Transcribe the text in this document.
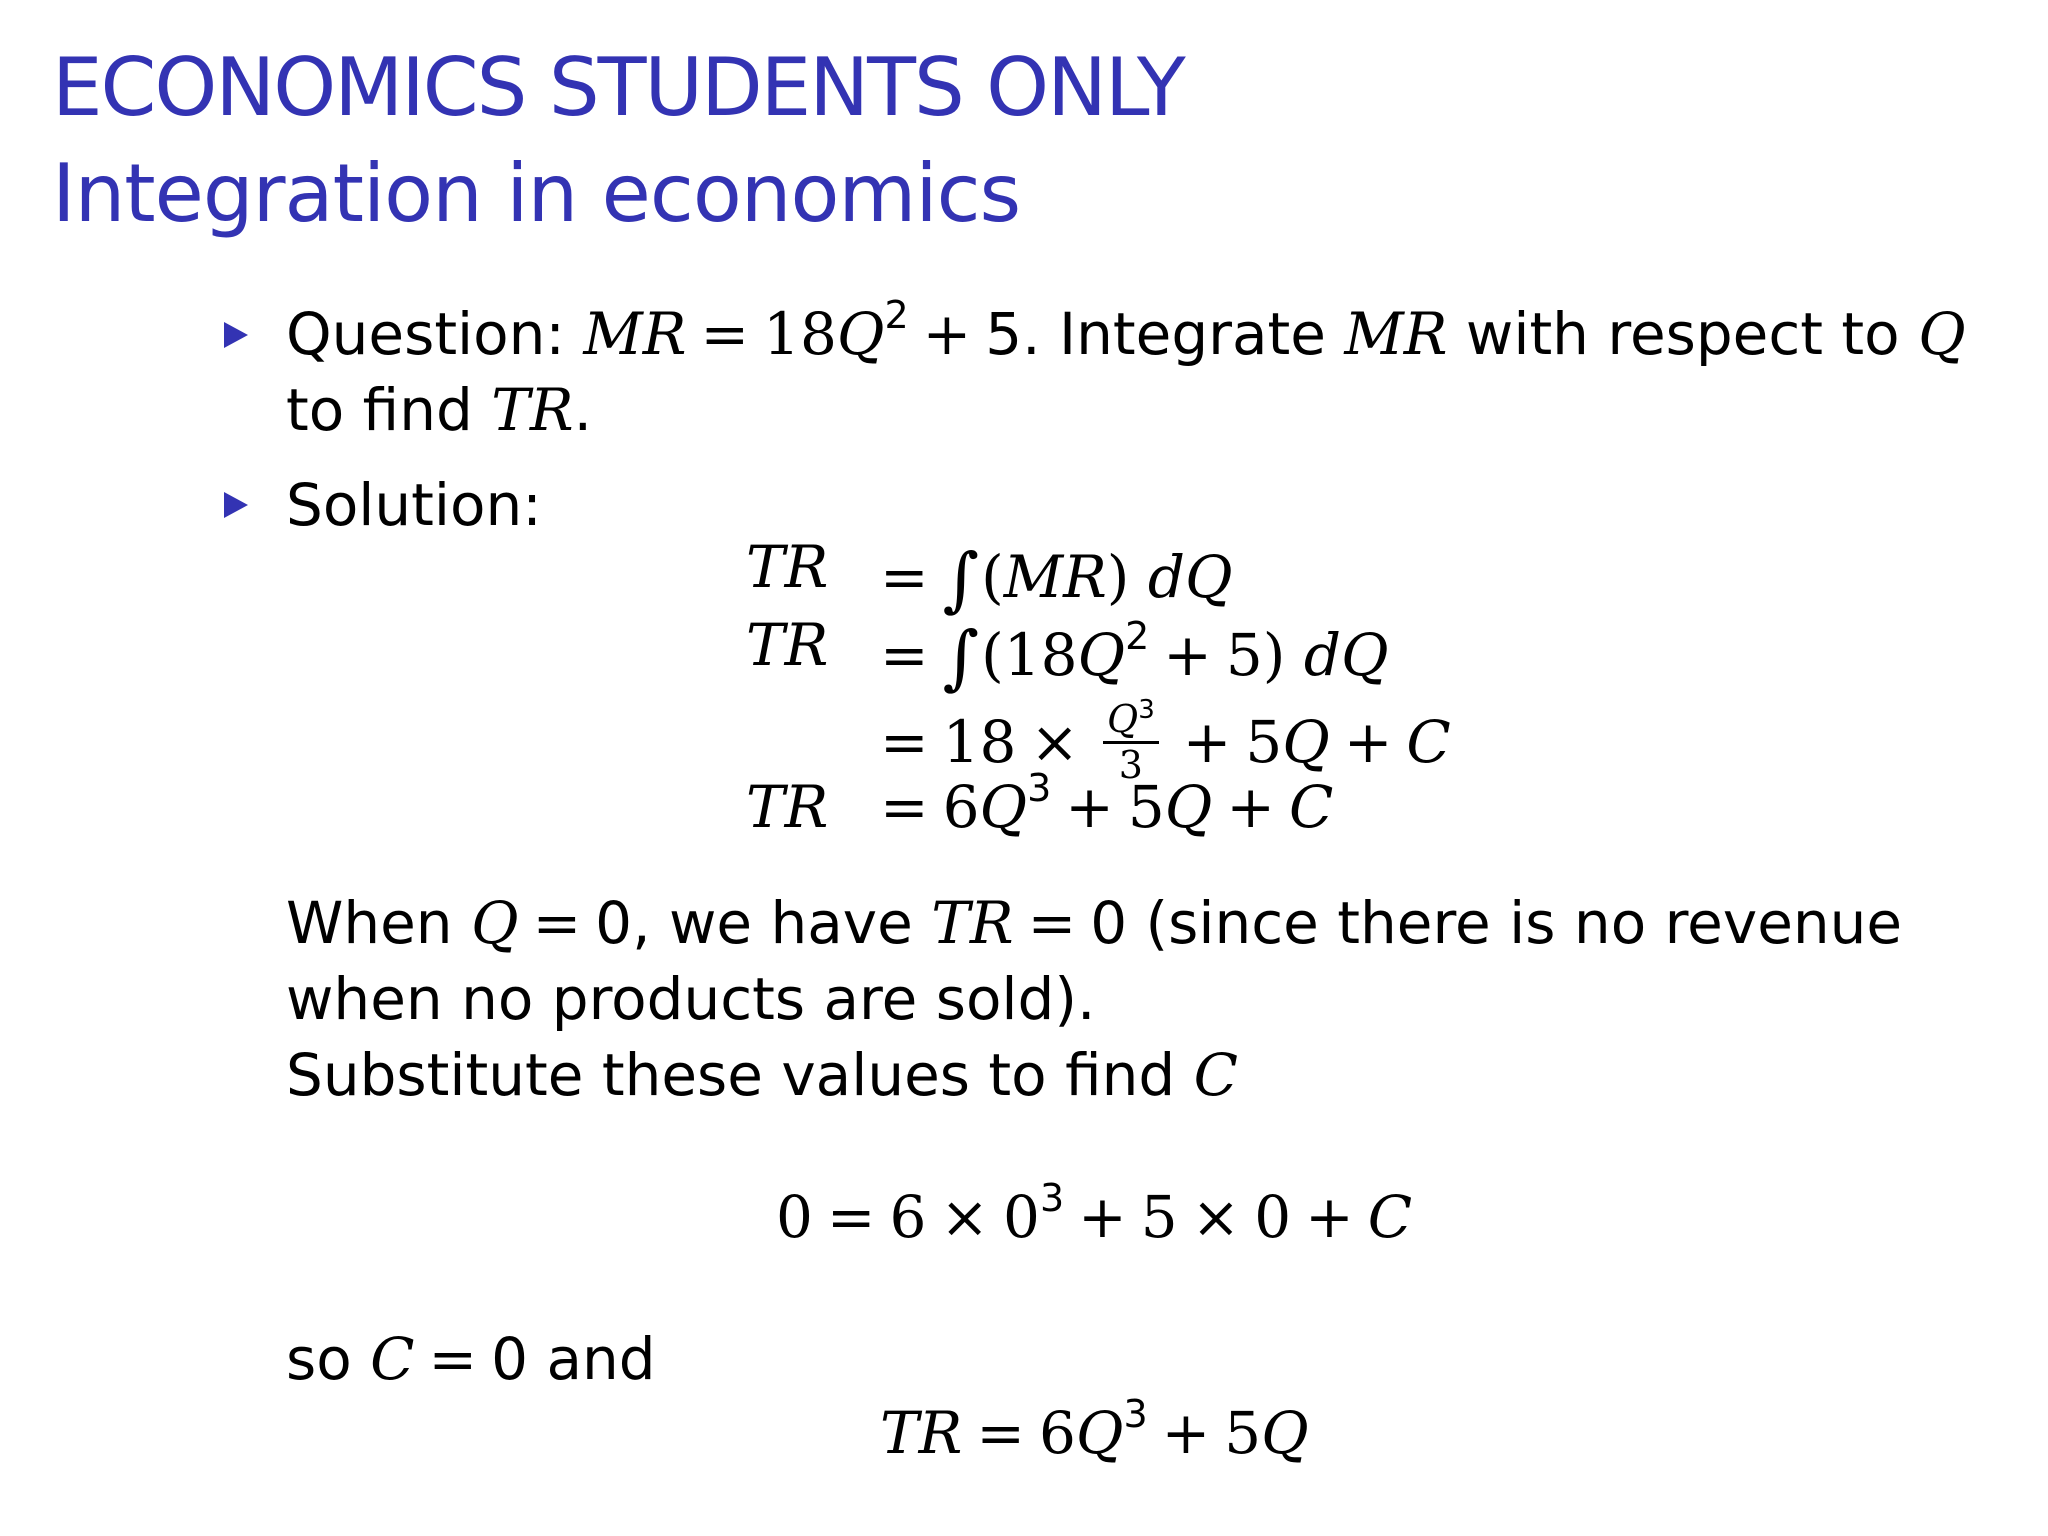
ECONOMICS STUDENTS ONLY
Integration in economics
Question: MR = $18Q^2 + 5$. Integrate MR with respect to Q
to find TR.
Solution:
TR = ∫(MR) dQ
TR = $\int(18Q^2 + 5)$ dQ
= $18 \times \frac{Q^3}{3} + 5Q + C$
TR = $6Q^3 + 5Q + C$
When Q = 0, we have TR = 0 (since there is no revenue
when no products are sold).
Substitute these values to find C
$0 = 6 \times 0^3 + 5 \times 0 + C$
so C = 0 and
TR = $6Q^3 + 5Q$
